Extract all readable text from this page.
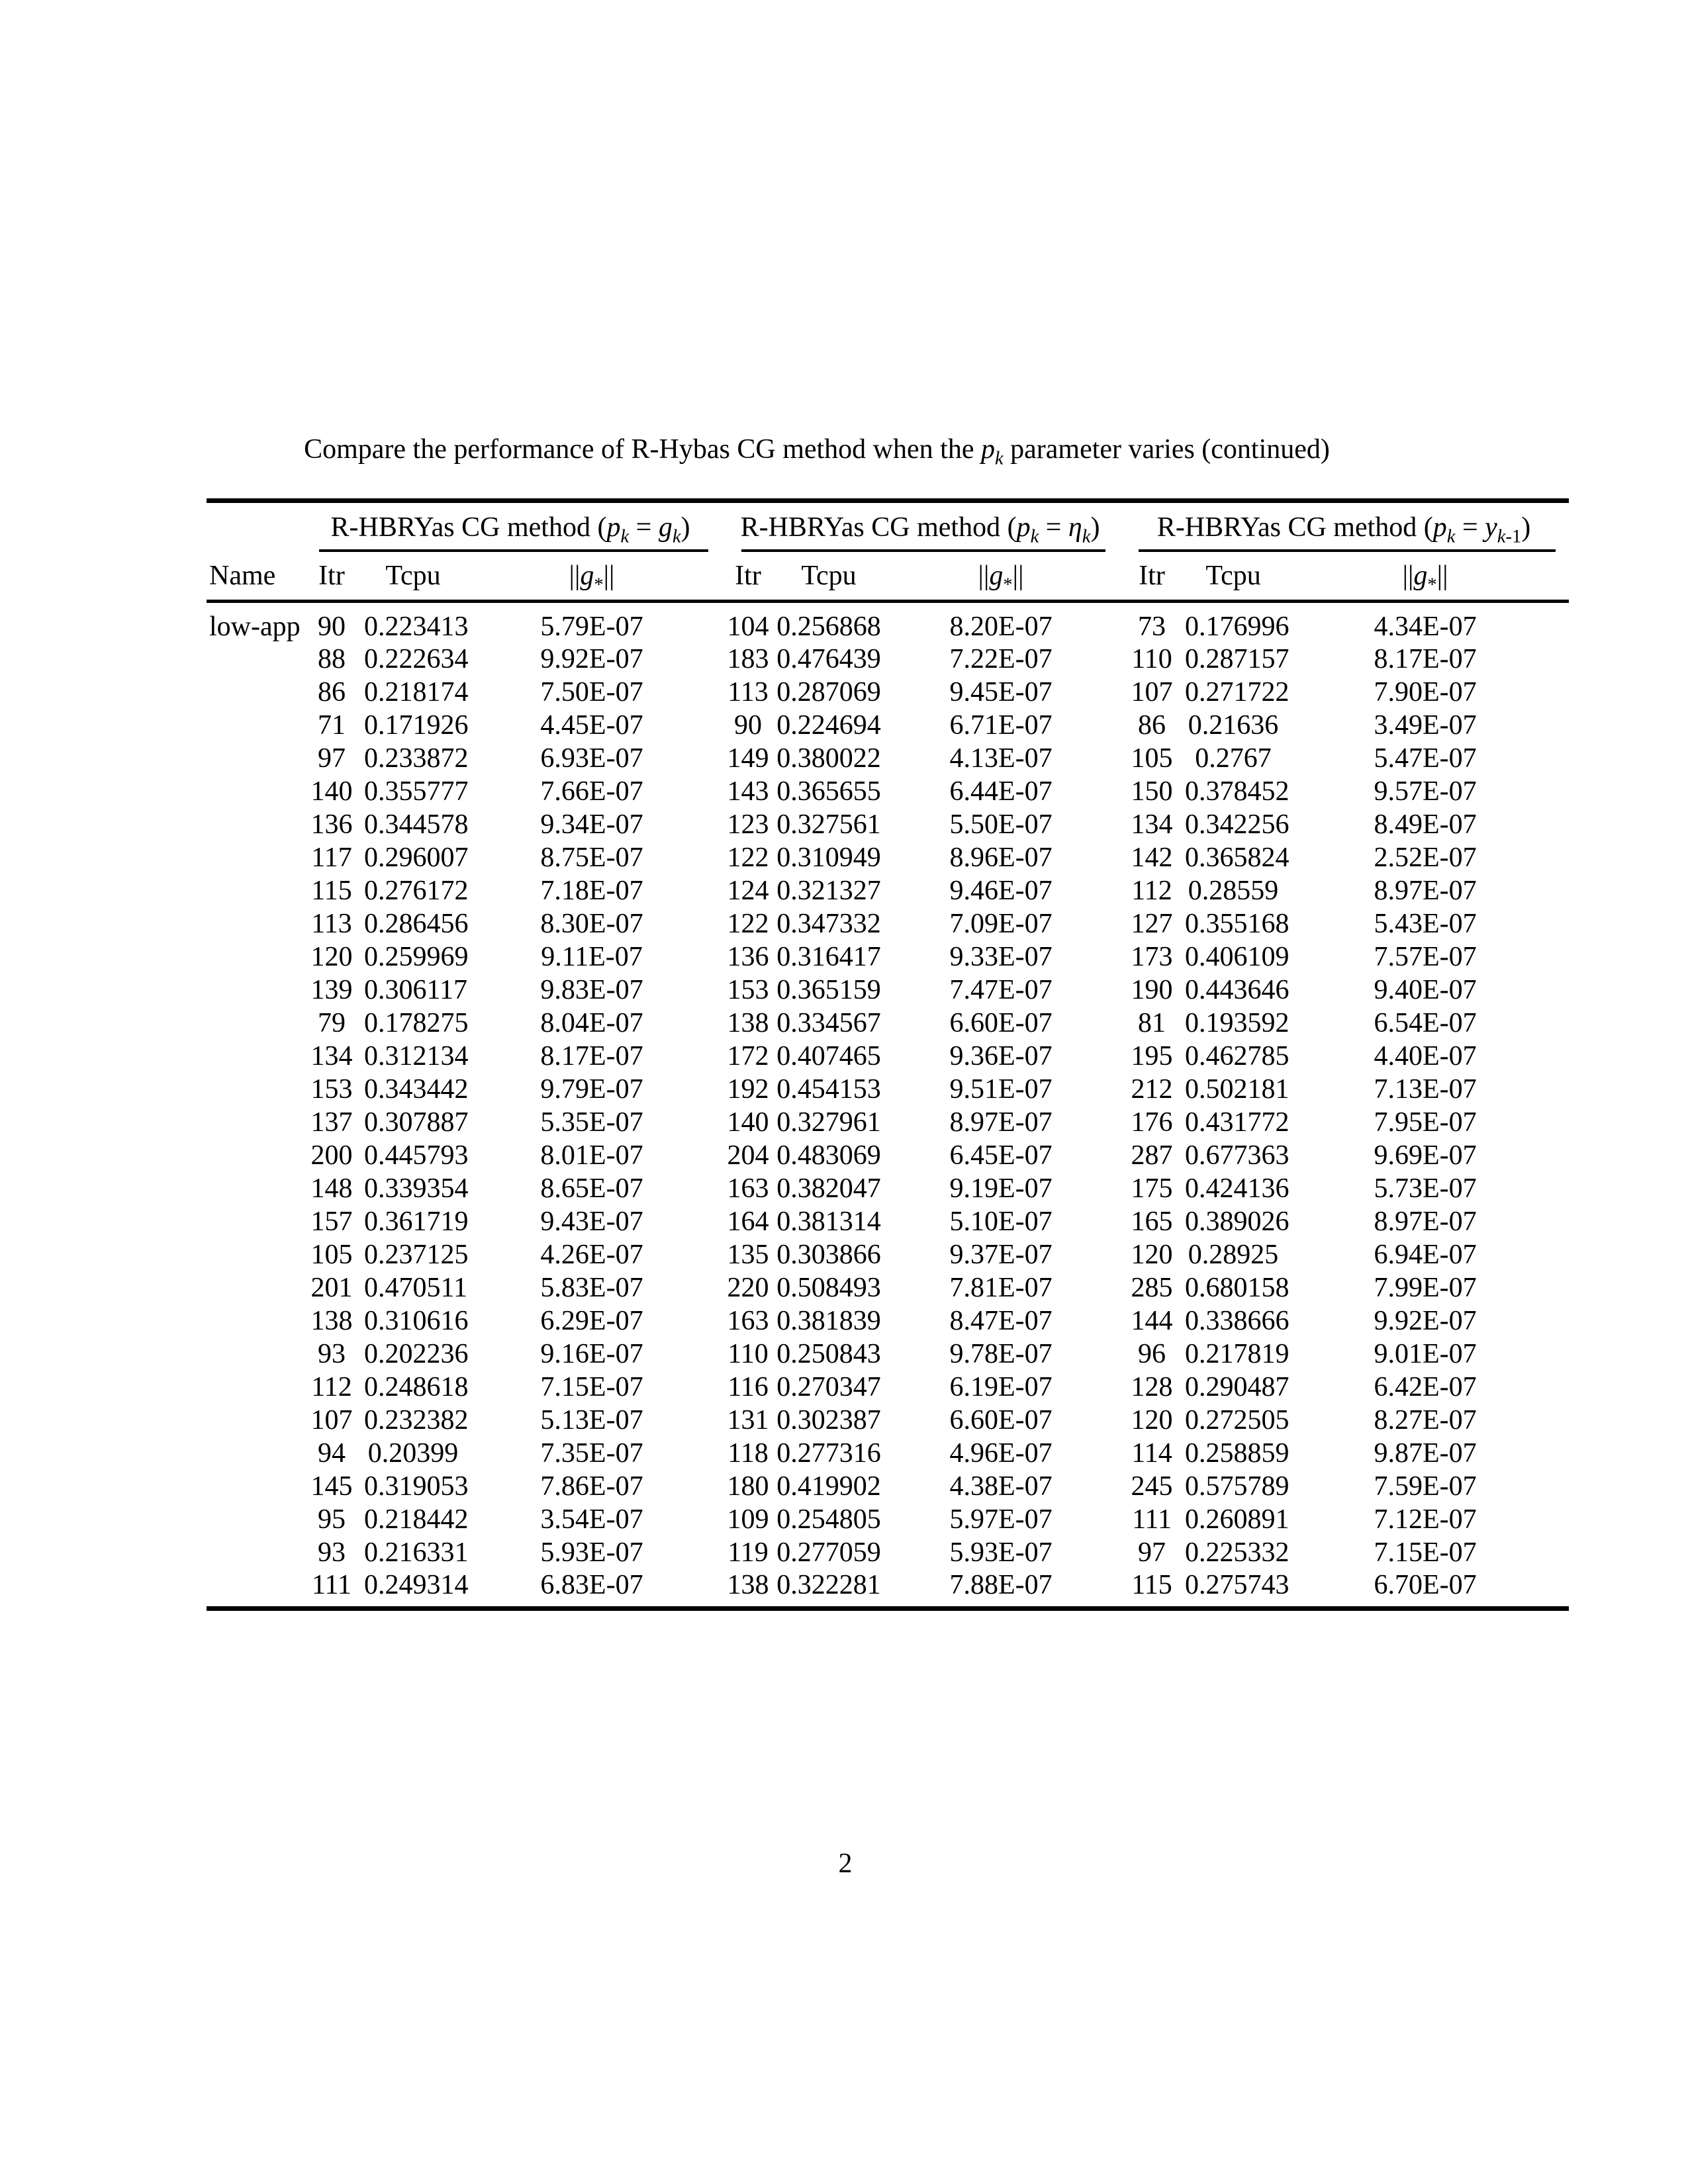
Compare the performance of R-Hybas CG method when the $p_k$ parameter varies (continued)

	R-HBRYas CG method $(p_k = g_k)$			R-HBRYas CG method $(p_k = \eta_k)$			R-HBRYas CG method $(p_k = y_{k-1})$		

Name	Itr	Tcpu	$||g_*||$	Itr	Tcpu	$||g_*||$	Itr	Tcpu	$||g_*||$
low-app	90	0.223413	5.79E-07	104	0.256868	8.20E-07	73	0.176996	4.34E-07
	88	0.222634	9.92E-07	183	0.476439	7.22E-07	110	0.287157	8.17E-07
	86	0.218174	7.50E-07	113	0.287069	9.45E-07	107	0.271722	7.90E-07
	71	0.171926	4.45E-07	90	0.224694	6.71E-07	86	0.21636	3.49E-07
	97	0.233872	6.93E-07	149	0.380022	4.13E-07	105	0.2767	5.47E-07
	140	0.355777	7.66E-07	143	0.365655	6.44E-07	150	0.378452	9.57E-07
	136	0.344578	9.34E-07	123	0.327561	5.50E-07	134	0.342256	8.49E-07
	117	0.296007	8.75E-07	122	0.310949	8.96E-07	142	0.365824	2.52E-07
	115	0.276172	7.18E-07	124	0.321327	9.46E-07	112	0.28559	8.97E-07
	113	0.286456	8.30E-07	122	0.347332	7.09E-07	127	0.355168	5.43E-07
	120	0.259969	9.11E-07	136	0.316417	9.33E-07	173	0.406109	7.57E-07
	139	0.306117	9.83E-07	153	0.365159	7.47E-07	190	0.443646	9.40E-07
	79	0.178275	8.04E-07	138	0.334567	6.60E-07	81	0.193592	6.54E-07
	134	0.312134	8.17E-07	172	0.407465	9.36E-07	195	0.462785	4.40E-07
	153	0.343442	9.79E-07	192	0.454153	9.51E-07	212	0.502181	7.13E-07
	137	0.307887	5.35E-07	140	0.327961	8.97E-07	176	0.431772	7.95E-07
	200	0.445793	8.01E-07	204	0.483069	6.45E-07	287	0.677363	9.69E-07
	148	0.339354	8.65E-07	163	0.382047	9.19E-07	175	0.424136	5.73E-07
	157	0.361719	9.43E-07	164	0.381314	5.10E-07	165	0.389026	8.97E-07
	105	0.237125	4.26E-07	135	0.303866	9.37E-07	120	0.28925	6.94E-07
	201	0.470511	5.83E-07	220	0.508493	7.81E-07	285	0.680158	7.99E-07
	138	0.310616	6.29E-07	163	0.381839	8.47E-07	144	0.338666	9.92E-07
	93	0.202236	9.16E-07	110	0.250843	9.78E-07	96	0.217819	9.01E-07
	112	0.248618	7.15E-07	116	0.270347	6.19E-07	128	0.290487	6.42E-07
	107	0.232382	5.13E-07	131	0.302387	6.60E-07	120	0.272505	8.27E-07
	94	0.20399	7.35E-07	118	0.277316	4.96E-07	114	0.258859	9.87E-07
	145	0.319053	7.86E-07	180	0.419902	4.38E-07	245	0.575789	7.59E-07
	95	0.218442	3.54E-07	109	0.254805	5.97E-07	111	0.260891	7.12E-07
	93	0.216331	5.93E-07	119	0.277059	5.93E-07	97	0.225332	7.15E-07
	111	0.249314	6.83E-07	138	0.322281	7.88E-07	115	0.275743	6.70E-07
2
